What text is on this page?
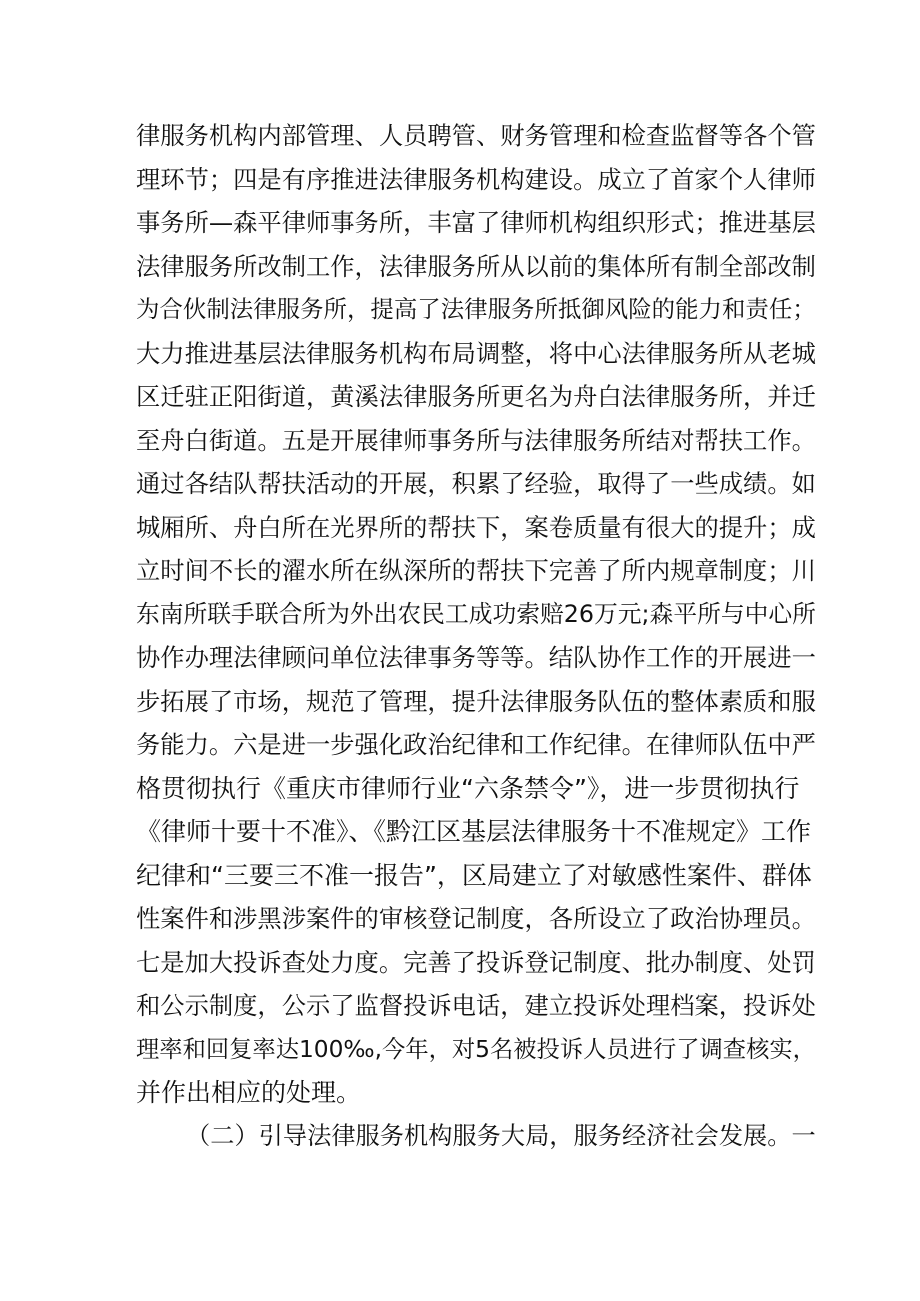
律服务机构内部管理、人员聘管、财务管理和检查监督等各个管
理环节；四是有序推进法律服务机构建设。成立了首家个人律师
事务所—森平律师事务所，丰富了律师机构组织形式；推进基层
法律服务所改制工作，法律服务所从以前的集体所有制全部改制
为合伙制法律服务所，提高了法律服务所抵御风险的能力和责任；
大力推进基层法律服务机构布局调整，将中心法律服务所从老城
区迁驻正阳街道，黄溪法律服务所更名为舟白法律服务所，并迁
至舟白街道。五是开展律师事务所与法律服务所结对帮扶工作。
通过各结队帮扶活动的开展，积累了经验，取得了一些成绩。如
城厢所、舟白所在光界所的帮扶下，案卷质量有很大的提升；成
立时间不长的濯水所在纵深所的帮扶下完善了所内规章制度；川
东南所联手联合所为外出农民工成功索赔26万元;森平所与中心所
协作办理法律顾问单位法律事务等等。结队协作工作的开展进一
步拓展了市场，规范了管理，提升法律服务队伍的整体素质和服
务能力。六是进一步强化政治纪律和工作纪律。在律师队伍中严
格贯彻执行《重庆市律师行业“六条禁令”》，进一步贯彻执行
《律师十要十不准》、《黔江区基层法律服务十不准规定》工作
纪律和“三要三不准一报告”，区局建立了对敏感性案件、群体
性案件和涉黑涉案件的审核登记制度，各所设立了政治协理员。
七是加大投诉查处力度。完善了投诉登记制度、批办制度、处罚
和公示制度，公示了监督投诉电话，建立投诉处理档案，投诉处
理率和回复率达100‰,今年，对5名被投诉人员进行了调查核实，
并作出相应的处理。
（二）引导法律服务机构服务大局，服务经济社会发展。一
